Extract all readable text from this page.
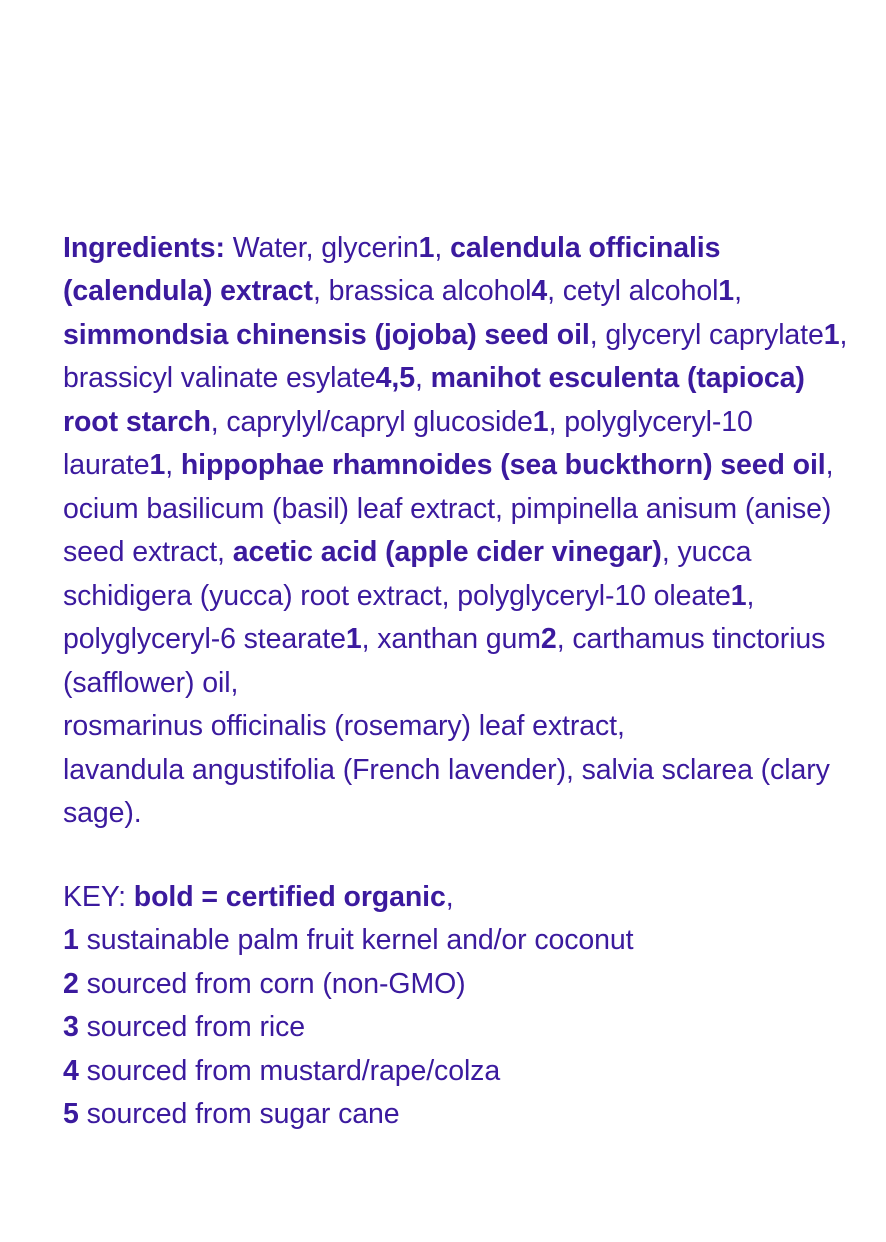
Ingredients: Water, glycerin1, calendula officinalis (calendula) extract, brassica alcohol4, cetyl alcohol1, simmondsia chinensis (jojoba) seed oil, glyceryl caprylate1, brassicyl valinate esylate4,5, manihot esculenta (tapioca) root starch, caprylyl/capryl glucoside1, polyglyceryl-10 laurate1, hippophae rhamnoides (sea buckthorn) seed oil, ocium basilicum (basil) leaf extract, pimpinella anisum (anise) seed extract, acetic acid (apple cider vinegar), yucca schidigera (yucca) root extract, polyglyceryl-10 oleate1, polyglyceryl-6 stearate1, xanthan gum2, carthamus tinctorius (safflower) oil,
rosmarinus officinalis (rosemary) leaf extract,
lavandula angustifolia (French lavender), salvia sclarea (clary sage).

KEY: bold = certified organic,
1 sustainable palm fruit kernel and/or coconut
2 sourced from corn (non-GMO)
3 sourced from rice
4 sourced from mustard/rape/colza
5 sourced from sugar cane
